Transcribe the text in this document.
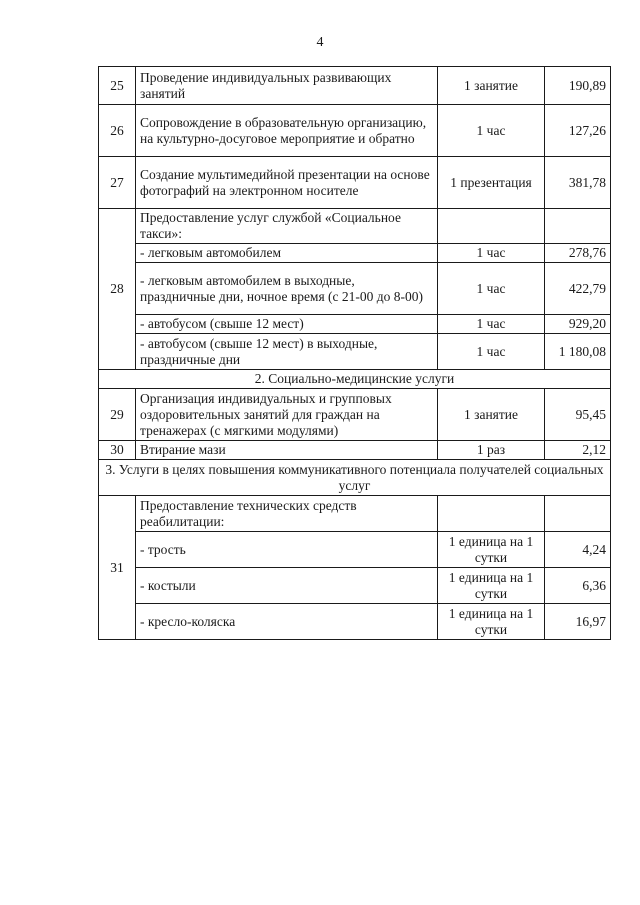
4
25	Проведение индивидуальных развивающих занятий	1 занятие	190,89
26	Сопровождение в образовательную организацию, на культурно-досуговое мероприятие и обратно	1 час	127,26
27	Создание мультимедийной презентации на основе фотографий на электронном носителе	1 презентация	381,78
28	Предоставление услуг службой «Социальное такси»:		
	- легковым автомобилем	1 час	278,76
	- легковым автомобилем в выходные, праздничные дни, ночное время (с 21-00 до 8-00)	1 час	422,79
	- автобусом (свыше 12 мест)	1 час	929,20
	- автобусом (свыше 12 мест) в выходные, праздничные дни	1 час	1 180,08
2. Социально-медицинские услуги			
29	Организация индивидуальных и групповых оздоровительных занятий для граждан на тренажерах (с мягкими модулями)	1 занятие	95,45
30	Втирание мази	1 раз	2,12
3. Услуги в целях повышения коммуникативного потенциала получателей социальных услуг			
31	Предоставление технических средств реабилитации:		
	- трость	1 единица на 1 сутки	4,24
	- костыли	1 единица на 1 сутки	6,36
	- кресло-коляска	1 единица на 1 сутки	16,97
